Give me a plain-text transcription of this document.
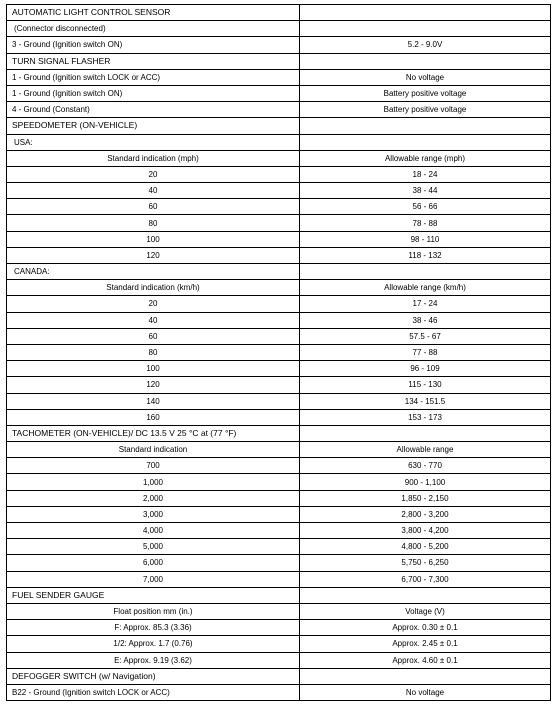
AUTOMATIC LIGHT CONTROL SENSOR	
(Connector disconnected)	
3 - Ground (Ignition switch ON)	5.2 - 9.0V
TURN SIGNAL FLASHER	
1 - Ground (Ignition switch LOCK or ACC)	No voltage
1 - Ground (Ignition switch ON)	Battery positive voltage
4 - Ground (Constant)	Battery positive voltage
SPEEDOMETER (ON-VEHICLE)	
USA:	
Standard indication (mph)	Allowable range (mph)
20	18 - 24
40	38 - 44
60	56 - 66
80	78 - 88
100	98 - 110
120	118 - 132
CANADA:	
Standard indication (km/h)	Allowable range (km/h)
20	17 - 24
40	38 - 46
60	57.5 - 67
80	77 - 88
100	96 - 109
120	115 - 130
140	134 - 151.5
160	153 - 173
TACHOMETER (ON-VEHICLE)/ DC 13.5 V 25 °C at (77 °F)	
Standard indication	Allowable range
700	630 - 770
1,000	900 - 1,100
2,000	1,850 - 2,150
3,000	2,800 - 3,200
4,000	3,800 - 4,200
5,000	4,800 - 5,200
6,000	5,750 - 6,250
7,000	6,700 - 7,300
FUEL SENDER GAUGE	
Float position mm (in.)	Voltage (V)
F: Approx. 85.3 (3.36)	Approx. 0.30 ± 0.1
1/2: Approx. 1.7 (0.76)	Approx. 2.45 ± 0.1
E: Approx. 9.19 (3.62)	Approx. 4.60 ± 0.1
DEFOGGER SWITCH (w/ Navigation)	
B22 - Ground (Ignition switch LOCK or ACC)	No voltage
